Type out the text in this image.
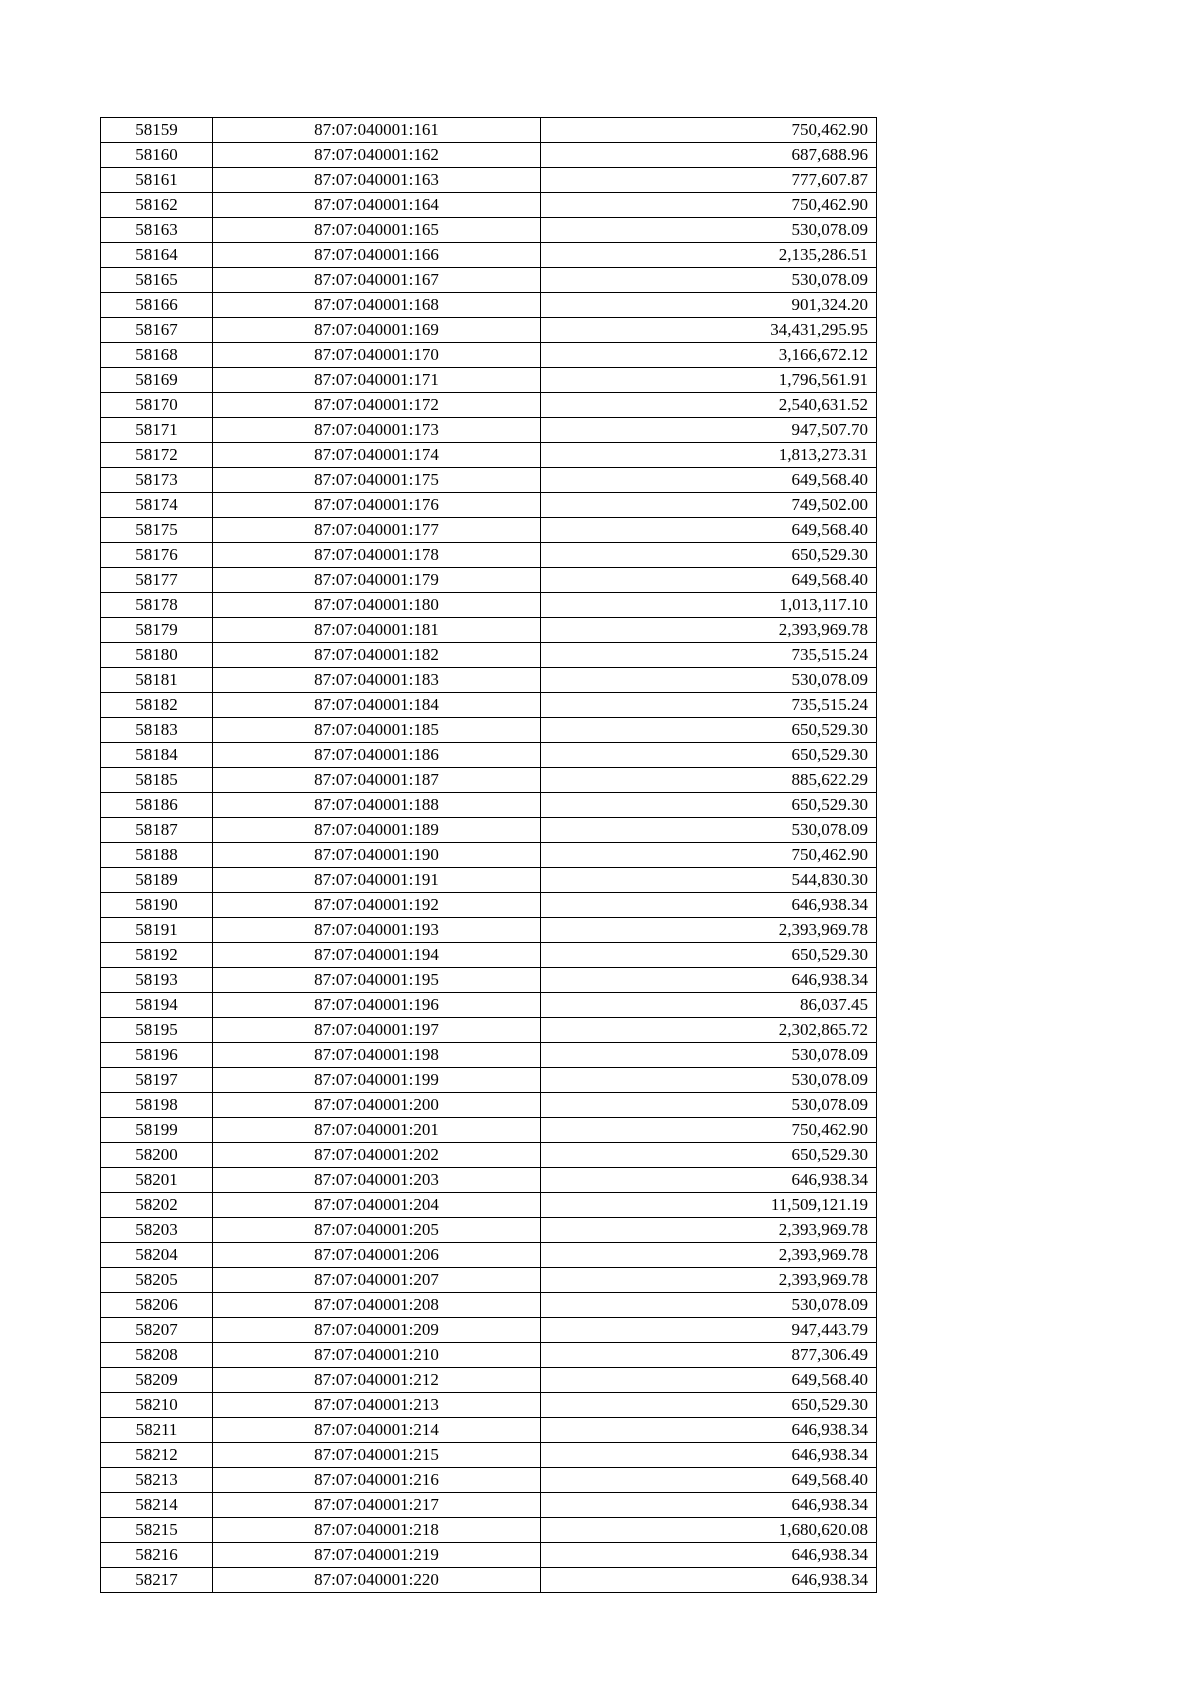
58159	87:07:040001:161	750,462.90
58160	87:07:040001:162	687,688.96
58161	87:07:040001:163	777,607.87
58162	87:07:040001:164	750,462.90
58163	87:07:040001:165	530,078.09
58164	87:07:040001:166	2,135,286.51
58165	87:07:040001:167	530,078.09
58166	87:07:040001:168	901,324.20
58167	87:07:040001:169	34,431,295.95
58168	87:07:040001:170	3,166,672.12
58169	87:07:040001:171	1,796,561.91
58170	87:07:040001:172	2,540,631.52
58171	87:07:040001:173	947,507.70
58172	87:07:040001:174	1,813,273.31
58173	87:07:040001:175	649,568.40
58174	87:07:040001:176	749,502.00
58175	87:07:040001:177	649,568.40
58176	87:07:040001:178	650,529.30
58177	87:07:040001:179	649,568.40
58178	87:07:040001:180	1,013,117.10
58179	87:07:040001:181	2,393,969.78
58180	87:07:040001:182	735,515.24
58181	87:07:040001:183	530,078.09
58182	87:07:040001:184	735,515.24
58183	87:07:040001:185	650,529.30
58184	87:07:040001:186	650,529.30
58185	87:07:040001:187	885,622.29
58186	87:07:040001:188	650,529.30
58187	87:07:040001:189	530,078.09
58188	87:07:040001:190	750,462.90
58189	87:07:040001:191	544,830.30
58190	87:07:040001:192	646,938.34
58191	87:07:040001:193	2,393,969.78
58192	87:07:040001:194	650,529.30
58193	87:07:040001:195	646,938.34
58194	87:07:040001:196	86,037.45
58195	87:07:040001:197	2,302,865.72
58196	87:07:040001:198	530,078.09
58197	87:07:040001:199	530,078.09
58198	87:07:040001:200	530,078.09
58199	87:07:040001:201	750,462.90
58200	87:07:040001:202	650,529.30
58201	87:07:040001:203	646,938.34
58202	87:07:040001:204	11,509,121.19
58203	87:07:040001:205	2,393,969.78
58204	87:07:040001:206	2,393,969.78
58205	87:07:040001:207	2,393,969.78
58206	87:07:040001:208	530,078.09
58207	87:07:040001:209	947,443.79
58208	87:07:040001:210	877,306.49
58209	87:07:040001:212	649,568.40
58210	87:07:040001:213	650,529.30
58211	87:07:040001:214	646,938.34
58212	87:07:040001:215	646,938.34
58213	87:07:040001:216	649,568.40
58214	87:07:040001:217	646,938.34
58215	87:07:040001:218	1,680,620.08
58216	87:07:040001:219	646,938.34
58217	87:07:040001:220	646,938.34
